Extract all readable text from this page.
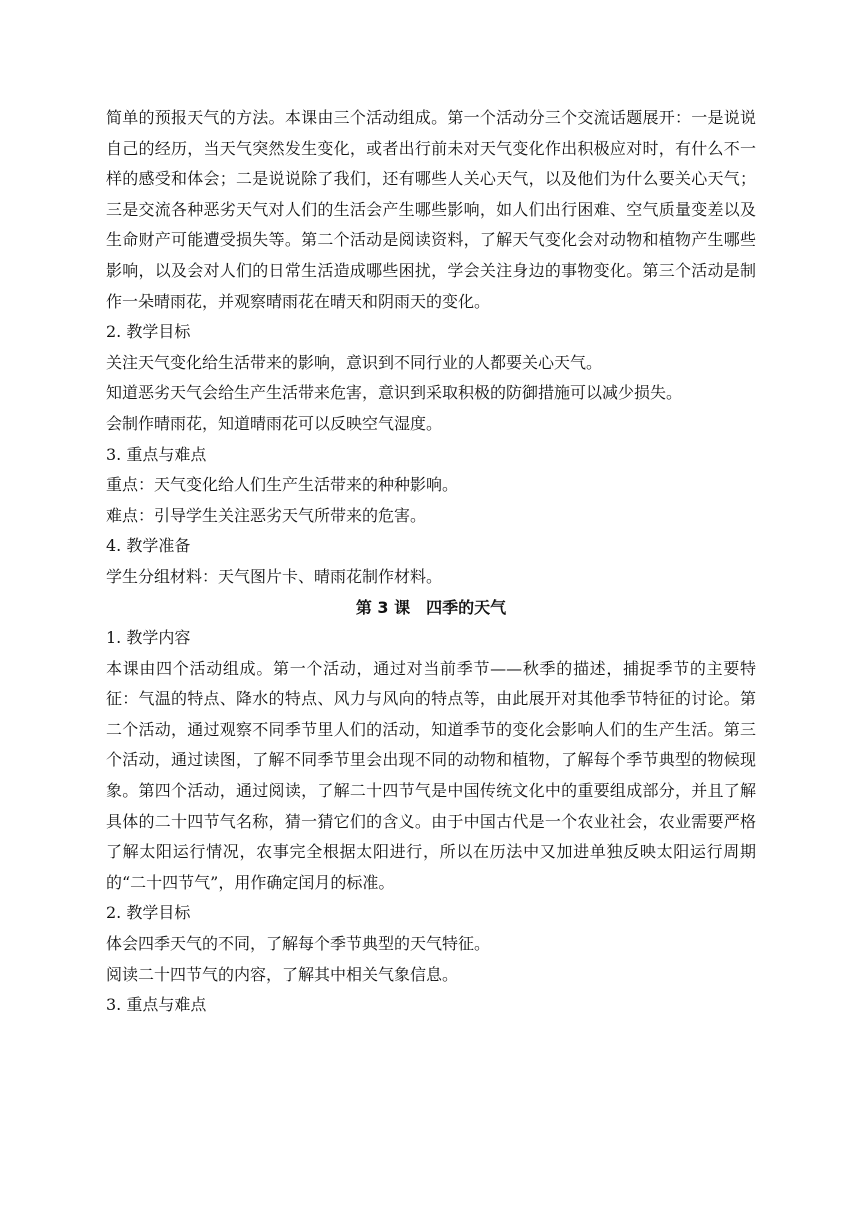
简单的预报天气的方法。本课由三个活动组成。第一个活动分三个交流话题展开：一是说说自己的经历，当天气突然发生变化，或者出行前未对天气变化作出积极应对时，有什么不一样的感受和体会；二是说说除了我们，还有哪些人关心天气，以及他们为什么要关心天气；三是交流各种恶劣天气对人们的生活会产生哪些影响，如人们出行困难、空气质量变差以及生命财产可能遭受损失等。第二个活动是阅读资料，了解天气变化会对动物和植物产生哪些影响，以及会对人们的日常生活造成哪些困扰，学会关注身边的事物变化。第三个活动是制作一朵晴雨花，并观察晴雨花在晴天和阴雨天的变化。

2. 教学目标

关注天气变化给生活带来的影响，意识到不同行业的人都要关心天气。

知道恶劣天气会给生产生活带来危害，意识到采取积极的防御措施可以减少损失。

会制作晴雨花，知道晴雨花可以反映空气湿度。

3. 重点与难点

重点：天气变化给人们生产生活带来的种种影响。

难点：引导学生关注恶劣天气所带来的危害。

4. 教学准备

学生分组材料：天气图片卡、晴雨花制作材料。

第 3 课　四季的天气

1. 教学内容

本课由四个活动组成。第一个活动，通过对当前季节——秋季的描述，捕捉季节的主要特征：气温的特点、降水的特点、风力与风向的特点等，由此展开对其他季节特征的讨论。第二个活动，通过观察不同季节里人们的活动，知道季节的变化会影响人们的生产生活。第三个活动，通过读图，了解不同季节里会出现不同的动物和植物，了解每个季节典型的物候现象。第四个活动，通过阅读，了解二十四节气是中国传统文化中的重要组成部分，并且了解具体的二十四节气名称，猜一猜它们的含义。由于中国古代是一个农业社会，农业需要严格了解太阳运行情况，农事完全根据太阳进行，所以在历法中又加进单独反映太阳运行周期的“二十四节气”，用作确定闰月的标准。

2. 教学目标

体会四季天气的不同，了解每个季节典型的天气特征。

阅读二十四节气的内容，了解其中相关气象信息。

3. 重点与难点
